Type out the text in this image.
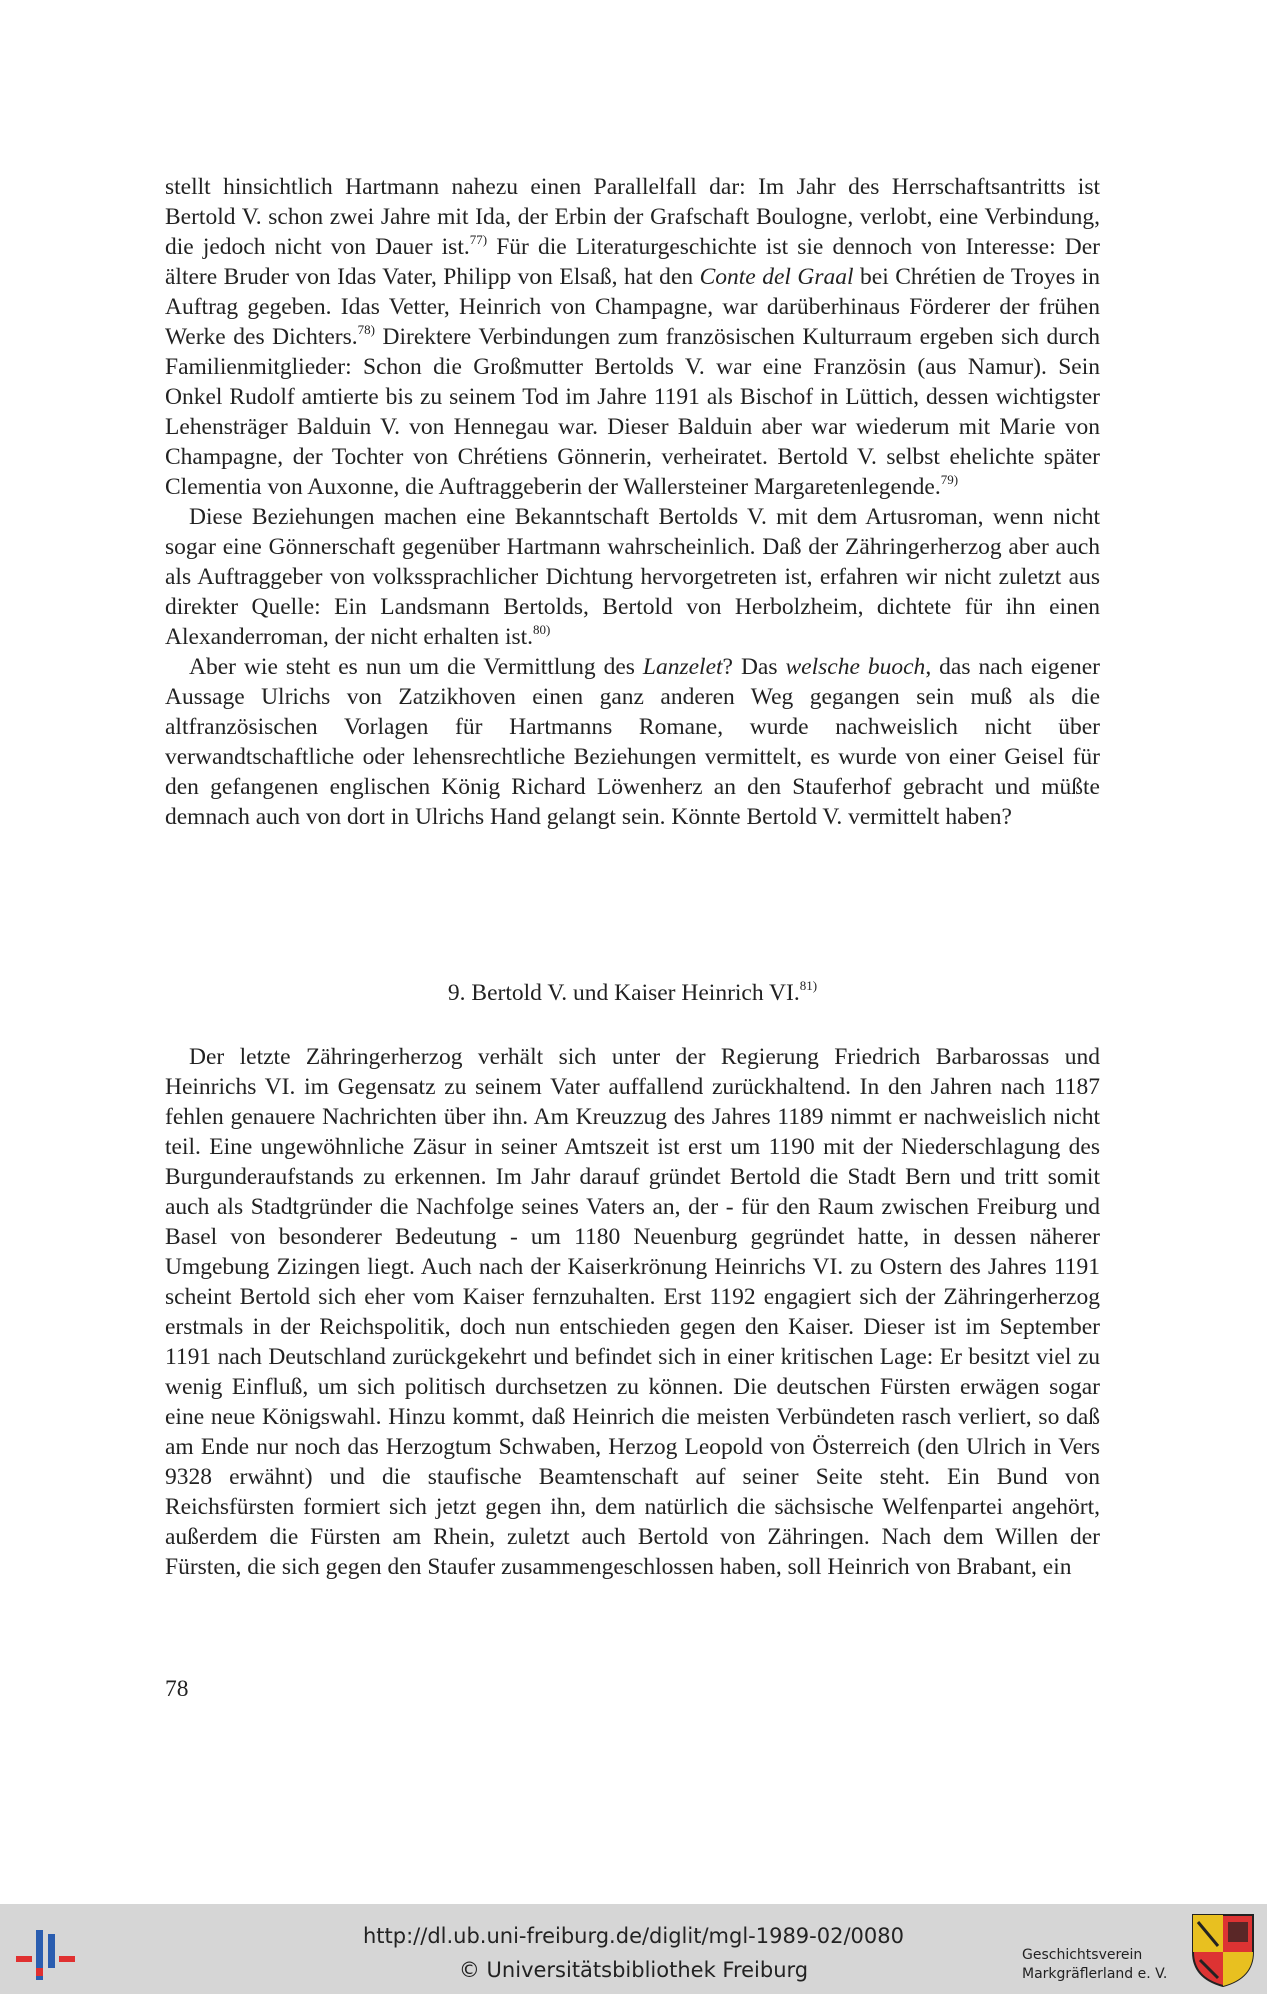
stellt hinsichtlich Hartmann nahezu einen Parallelfall dar: Im Jahr des Herrschaftsantritts ist Bertold V. schon zwei Jahre mit Ida, der Erbin der Grafschaft Boulogne, verlobt, eine Verbindung, die jedoch nicht von Dauer ist.$^{77)}$ Für die Literaturgeschichte ist sie dennoch von Interesse: Der ältere Bruder von Idas Vater, Philipp von Elsaß, hat den Conte del Graal bei Chrétien de Troyes in Auftrag gegeben. Idas Vetter, Heinrich von Champagne, war darüberhinaus Förderer der frühen Werke des Dichters.$^{78)}$ Direktere Verbindungen zum französischen Kulturraum ergeben sich durch Familienmitglieder: Schon die Großmutter Bertolds V. war eine Französin (aus Namur). Sein Onkel Rudolf amtierte bis zu seinem Tod im Jahre 1191 als Bischof in Lüttich, dessen wichtigster Lehensträger Balduin V. von Hennegau war. Dieser Balduin aber war wiederum mit Marie von Champagne, der Tochter von Chrétiens Gönnerin, verheiratet. Bertold V. selbst ehelichte später Clementia von Auxonne, die Auftraggeberin der Wallersteiner Margaretenlegende.$^{79)}$

Diese Beziehungen machen eine Bekanntschaft Bertolds V. mit dem Artusroman, wenn nicht sogar eine Gönnerschaft gegenüber Hartmann wahrscheinlich. Daß der Zähringerherzog aber auch als Auftraggeber von volkssprachlicher Dichtung hervorgetreten ist, erfahren wir nicht zuletzt aus direkter Quelle: Ein Landsmann Bertolds, Bertold von Herbolzheim, dichtete für ihn einen Alexanderroman, der nicht erhalten ist.$^{80)}$

Aber wie steht es nun um die Vermittlung des Lanzelet? Das welsche buoch, das nach eigener Aussage Ulrichs von Zatzikhoven einen ganz anderen Weg gegangen sein muß als die altfranzösischen Vorlagen für Hartmanns Romane, wurde nachweislich nicht über verwandtschaftliche oder lehensrechtliche Beziehungen vermittelt, es wurde von einer Geisel für den gefangenen englischen König Richard Löwenherz an den Stauferhof gebracht und müßte demnach auch von dort in Ulrichs Hand gelangt sein. Könnte Bertold V. vermittelt haben?

9. Bertold V. und Kaiser Heinrich VI.$^{81)}$

Der letzte Zähringerherzog verhält sich unter der Regierung Friedrich Barbarossas und Heinrichs VI. im Gegensatz zu seinem Vater auffallend zurückhaltend. In den Jahren nach 1187 fehlen genauere Nachrichten über ihn. Am Kreuzzug des Jahres 1189 nimmt er nachweislich nicht teil. Eine ungewöhnliche Zäsur in seiner Amtszeit ist erst um 1190 mit der Niederschlagung des Burgunderaufstands zu erkennen. Im Jahr darauf gründet Bertold die Stadt Bern und tritt somit auch als Stadtgründer die Nachfolge seines Vaters an, der - für den Raum zwischen Freiburg und Basel von besonderer Bedeutung - um 1180 Neuenburg gegründet hatte, in dessen näherer Umgebung Zizingen liegt. Auch nach der Kaiserkrönung Heinrichs VI. zu Ostern des Jahres 1191 scheint Bertold sich eher vom Kaiser fernzuhalten. Erst 1192 engagiert sich der Zähringerherzog erstmals in der Reichspolitik, doch nun entschieden gegen den Kaiser. Dieser ist im September 1191 nach Deutschland zurückgekehrt und befindet sich in einer kritischen Lage: Er besitzt viel zu wenig Einfluß, um sich politisch durchsetzen zu können. Die deutschen Fürsten erwägen sogar eine neue Königswahl. Hinzu kommt, daß Heinrich die meisten Verbündeten rasch verliert, so daß am Ende nur noch das Herzogtum Schwaben, Herzog Leopold von Österreich (den Ulrich in Vers 9328 erwähnt) und die staufische Beamtenschaft auf seiner Seite steht. Ein Bund von Reichsfürsten formiert sich jetzt gegen ihn, dem natürlich die sächsische Welfenpartei angehört, außerdem die Fürsten am Rhein, zuletzt auch Bertold von Zähringen. Nach dem Willen der Fürsten, die sich gegen den Staufer zusammengeschlossen haben, soll Heinrich von Brabant, ein

78
http://dl.ub.uni-freiburg.de/diglit/mgl-1989-02/0080
© Universitätsbibliothek Freiburg
Geschichtsverein
Markgräflerland e. V.
